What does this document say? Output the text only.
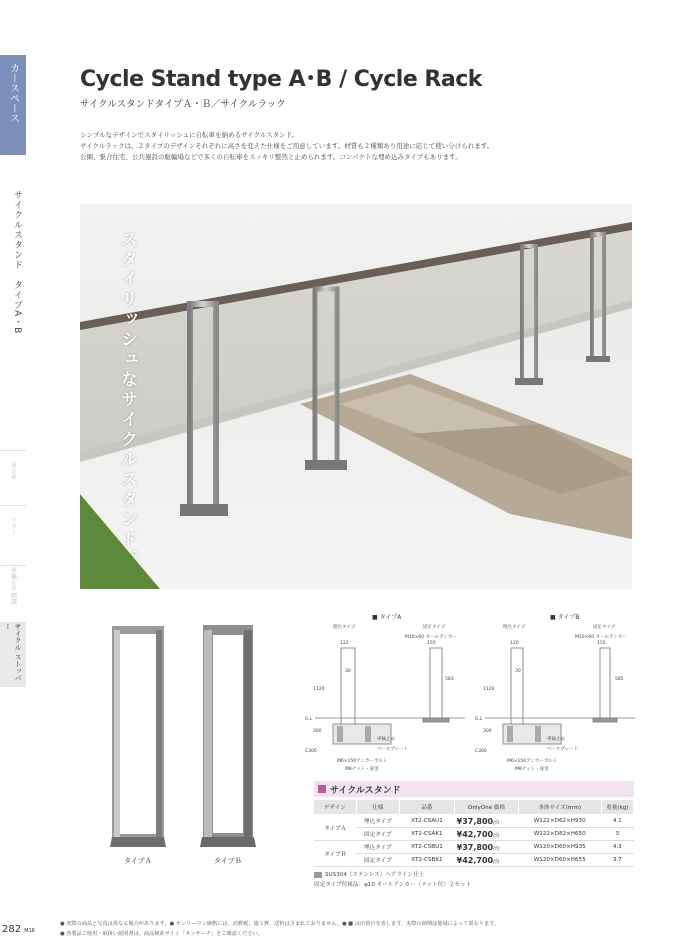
カースペース
サイクルスタンド　タイプA・B
車止め
ミラー
車輪止め 標識
サイクル ストッパー
Cycle Stand type A･B / Cycle Rack
サイクルスタンドタイプＡ・Ｂ／サイクルラック
シンプルなデザインでスタイリッシュに自転車を納めるサイクルスタンド。
サイクルラックは、２タイプのデザインそれぞれに高さを変えた仕様をご用意しています。材質も２種類あり用途に応じて使い分けられます。
公園、集合住宅、公共施設の駐輪場などで多くの自転車をスッキリ整然と止められます。コンパクトな埋め込みタイプもあります。
スタイリッシュなサイクルスタンド。
タイプＡ	タイプＢ
■ タイプA
埋込タイプ	固定タイプ
M10×60 オールアンカー
G.L
C300	ベースプレート
車輪止め
M6×150アンカーボルト
M8ナット・座金
122	150
30
1120
583
300
■ タイプB
埋込タイプ	固定タイプ
M10×60 オールアンカー
G.L
C300	ベースプレート
車輪止め
M6×150アンカーボルト
M8ナット・座金
120	150
30
1120
585
300
サイクルスタンド
デザイン	仕様	品番	OnlyOne 価格	本体サイズ(mm)	重量(kg)
タイプＡ	埋込タイプ	XT2-CSAU1	¥37,800/台	W122×D62×H930	4.1
	固定タイプ	XT2-CSAK1	¥42,700/台	W122×D82×H650	3
タイプＢ	埋込タイプ	XT2-CSBU1	¥37,800/台	W120×D60×H935	4.3
	固定タイプ	XT2-CSBK1	¥42,700/台	W120×D60×H655	3.7
SUS304（ステンレス）ヘアライン仕上
固定タイプ付属品：φ10 オールアンカー（ナット付）２セット
282 M16
● 実際の商品と写真は異なる場合があります。● オンリーワン価格には、消費税、施工費、送料は含まれておりません。● ■ は出荷日を表します。実際の納期は地域によって異なります。
● 各製品ご使用・取扱い説明書は、商品検索サイト「オンサーチ」をご確認ください。
